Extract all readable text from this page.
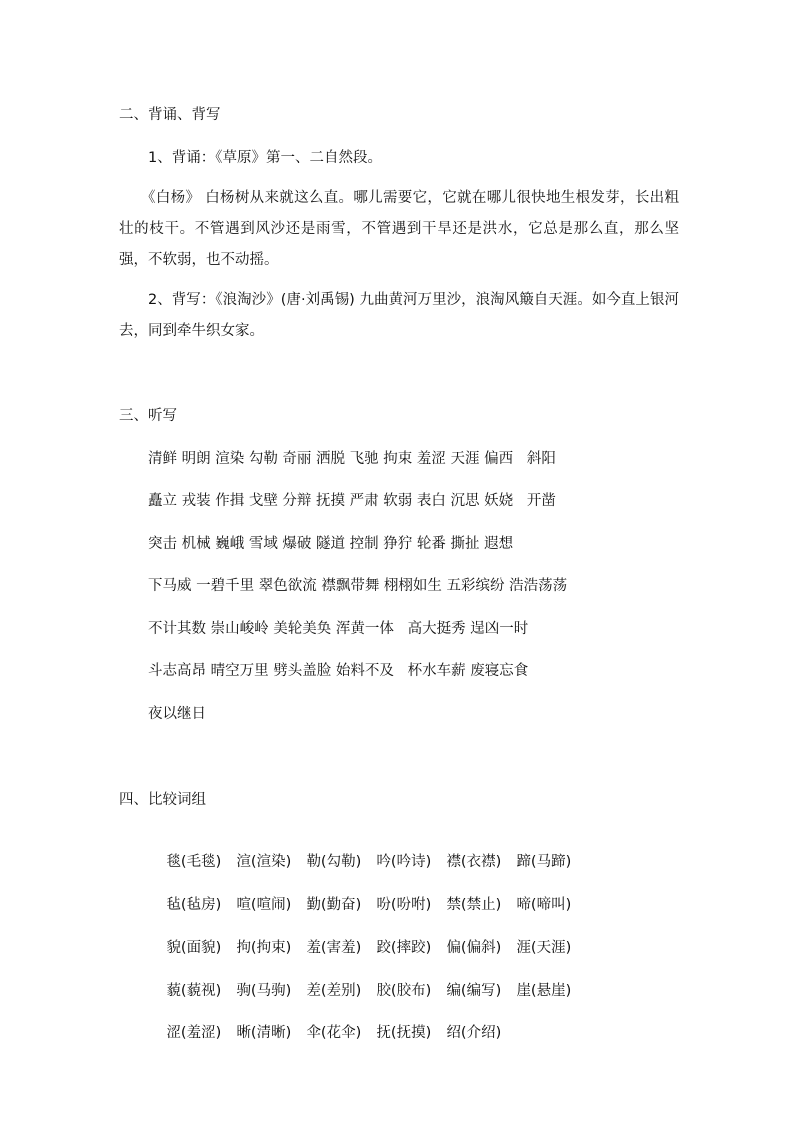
二、背诵、背写
1、背诵：《草原》第一、二自然段。
《白杨》 白杨树从来就这么直。哪儿需要它，它就在哪儿很快地生根发芽，长出粗壮的枝干。不管遇到风沙还是雨雪，不管遇到干旱还是洪水，它总是那么直，那么坚强，不软弱，也不动摇。
2、背写：《浪淘沙》(唐·刘禹锡) 九曲黄河万里沙，浪淘风簸自天涯。如今直上银河去，同到牵牛织女家。
三、听写
清鲜 明朗 渲染 勾勒 奇丽 洒脱 飞驰 拘束 羞涩 天涯 偏西   斜阳
矗立 戎装 作揖 戈壁 分辩 抚摸 严肃 软弱 表白 沉思 妖娆   开凿
突击 机械 巍峨 雪域 爆破 隧道 控制 狰狞 轮番 撕扯 遐想
下马威 一碧千里 翠色欲流 襟飘带舞 栩栩如生 五彩缤纷 浩浩荡荡
不计其数 崇山峻岭 美轮美奂 浑黄一体   高大挺秀 逞凶一时
斗志高昂 晴空万里 劈头盖脸 始料不及   杯水车薪 废寝忘食
夜以继日
四、比较词组

毯(毛毯) 渲(渲染) 勒(勾勒) 吟(吟诗) 襟(衣襟) 蹄(马蹄)

毡(毡房) 喧(喧闹) 勤(勤奋) 吩(吩咐) 禁(禁止) 啼(啼叫)

貌(面貌) 拘(拘束) 羞(害羞) 跤(摔跤) 偏(偏斜) 涯(天涯)

藐(藐视) 驹(马驹) 差(差别) 胶(胶布) 编(编写) 崖(悬崖)

涩(羞涩) 晰(清晰) 伞(花伞) 抚(抚摸) 绍(介绍)
